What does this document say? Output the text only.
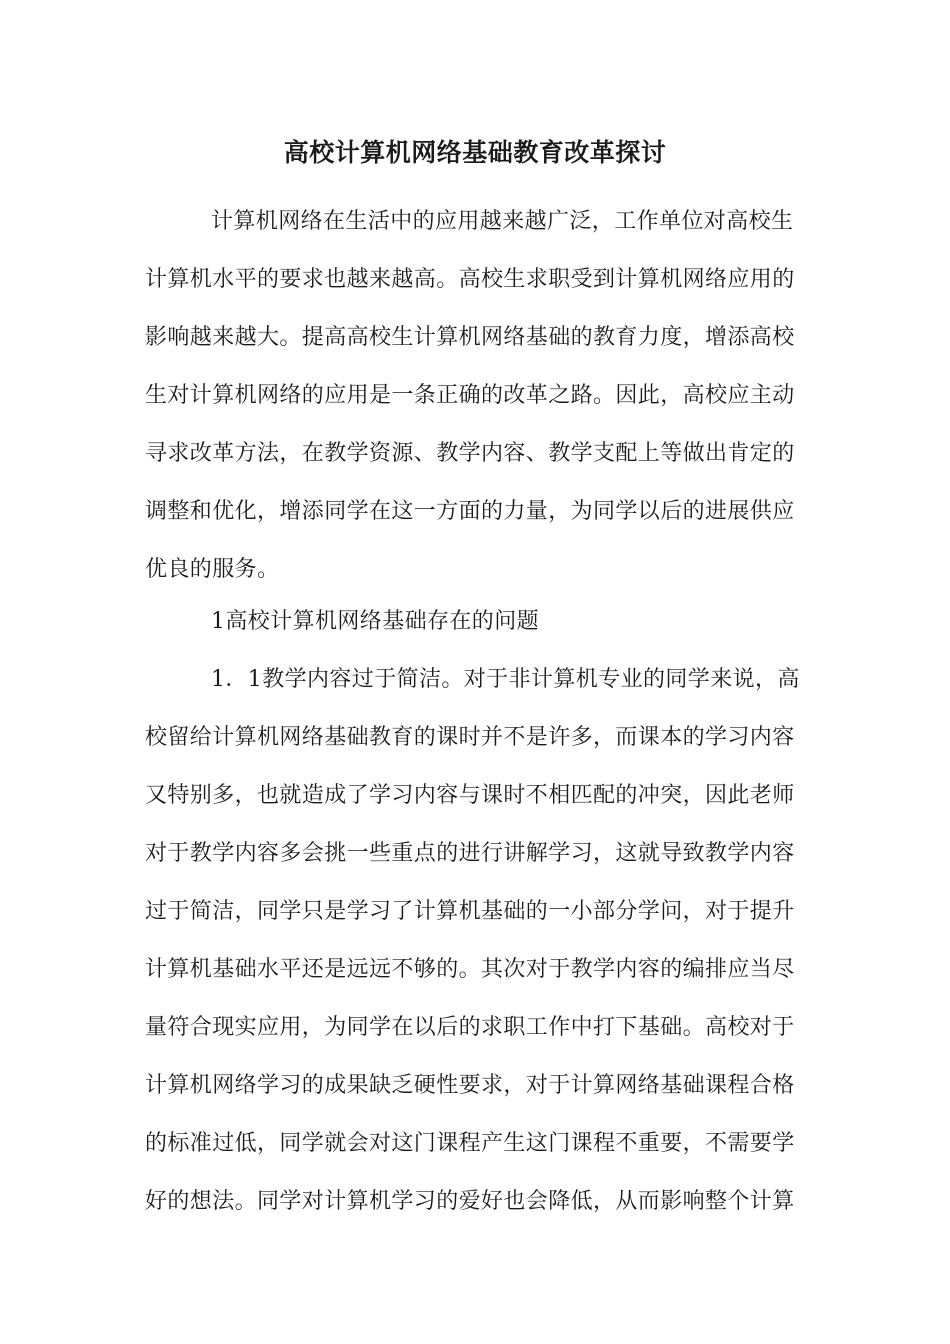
高校计算机网络基础教育改革探讨
计算机网络在生活中的应用越来越广泛，工作单位对高校生
计算机水平的要求也越来越高。高校生求职受到计算机网络应用的
影响越来越大。提高高校生计算机网络基础的教育力度，增添高校
生对计算机网络的应用是一条正确的改革之路。因此，高校应主动
寻求改革方法，在教学资源、教学内容、教学支配上等做出肯定的
调整和优化，增添同学在这一方面的力量，为同学以后的进展供应
优良的服务。
1高校计算机网络基础存在的问题
1．1教学内容过于简洁。对于非计算机专业的同学来说，高
校留给计算机网络基础教育的课时并不是许多，而课本的学习内容
又特别多，也就造成了学习内容与课时不相匹配的冲突，因此老师
对于教学内容多会挑一些重点的进行讲解学习，这就导致教学内容
过于简洁，同学只是学习了计算机基础的一小部分学问，对于提升
计算机基础水平还是远远不够的。其次对于教学内容的编排应当尽
量符合现实应用，为同学在以后的求职工作中打下基础。高校对于
计算机网络学习的成果缺乏硬性要求，对于计算网络基础课程合格
的标准过低，同学就会对这门课程产生这门课程不重要，不需要学
好的想法。同学对计算机学习的爱好也会降低，从而影响整个计算
